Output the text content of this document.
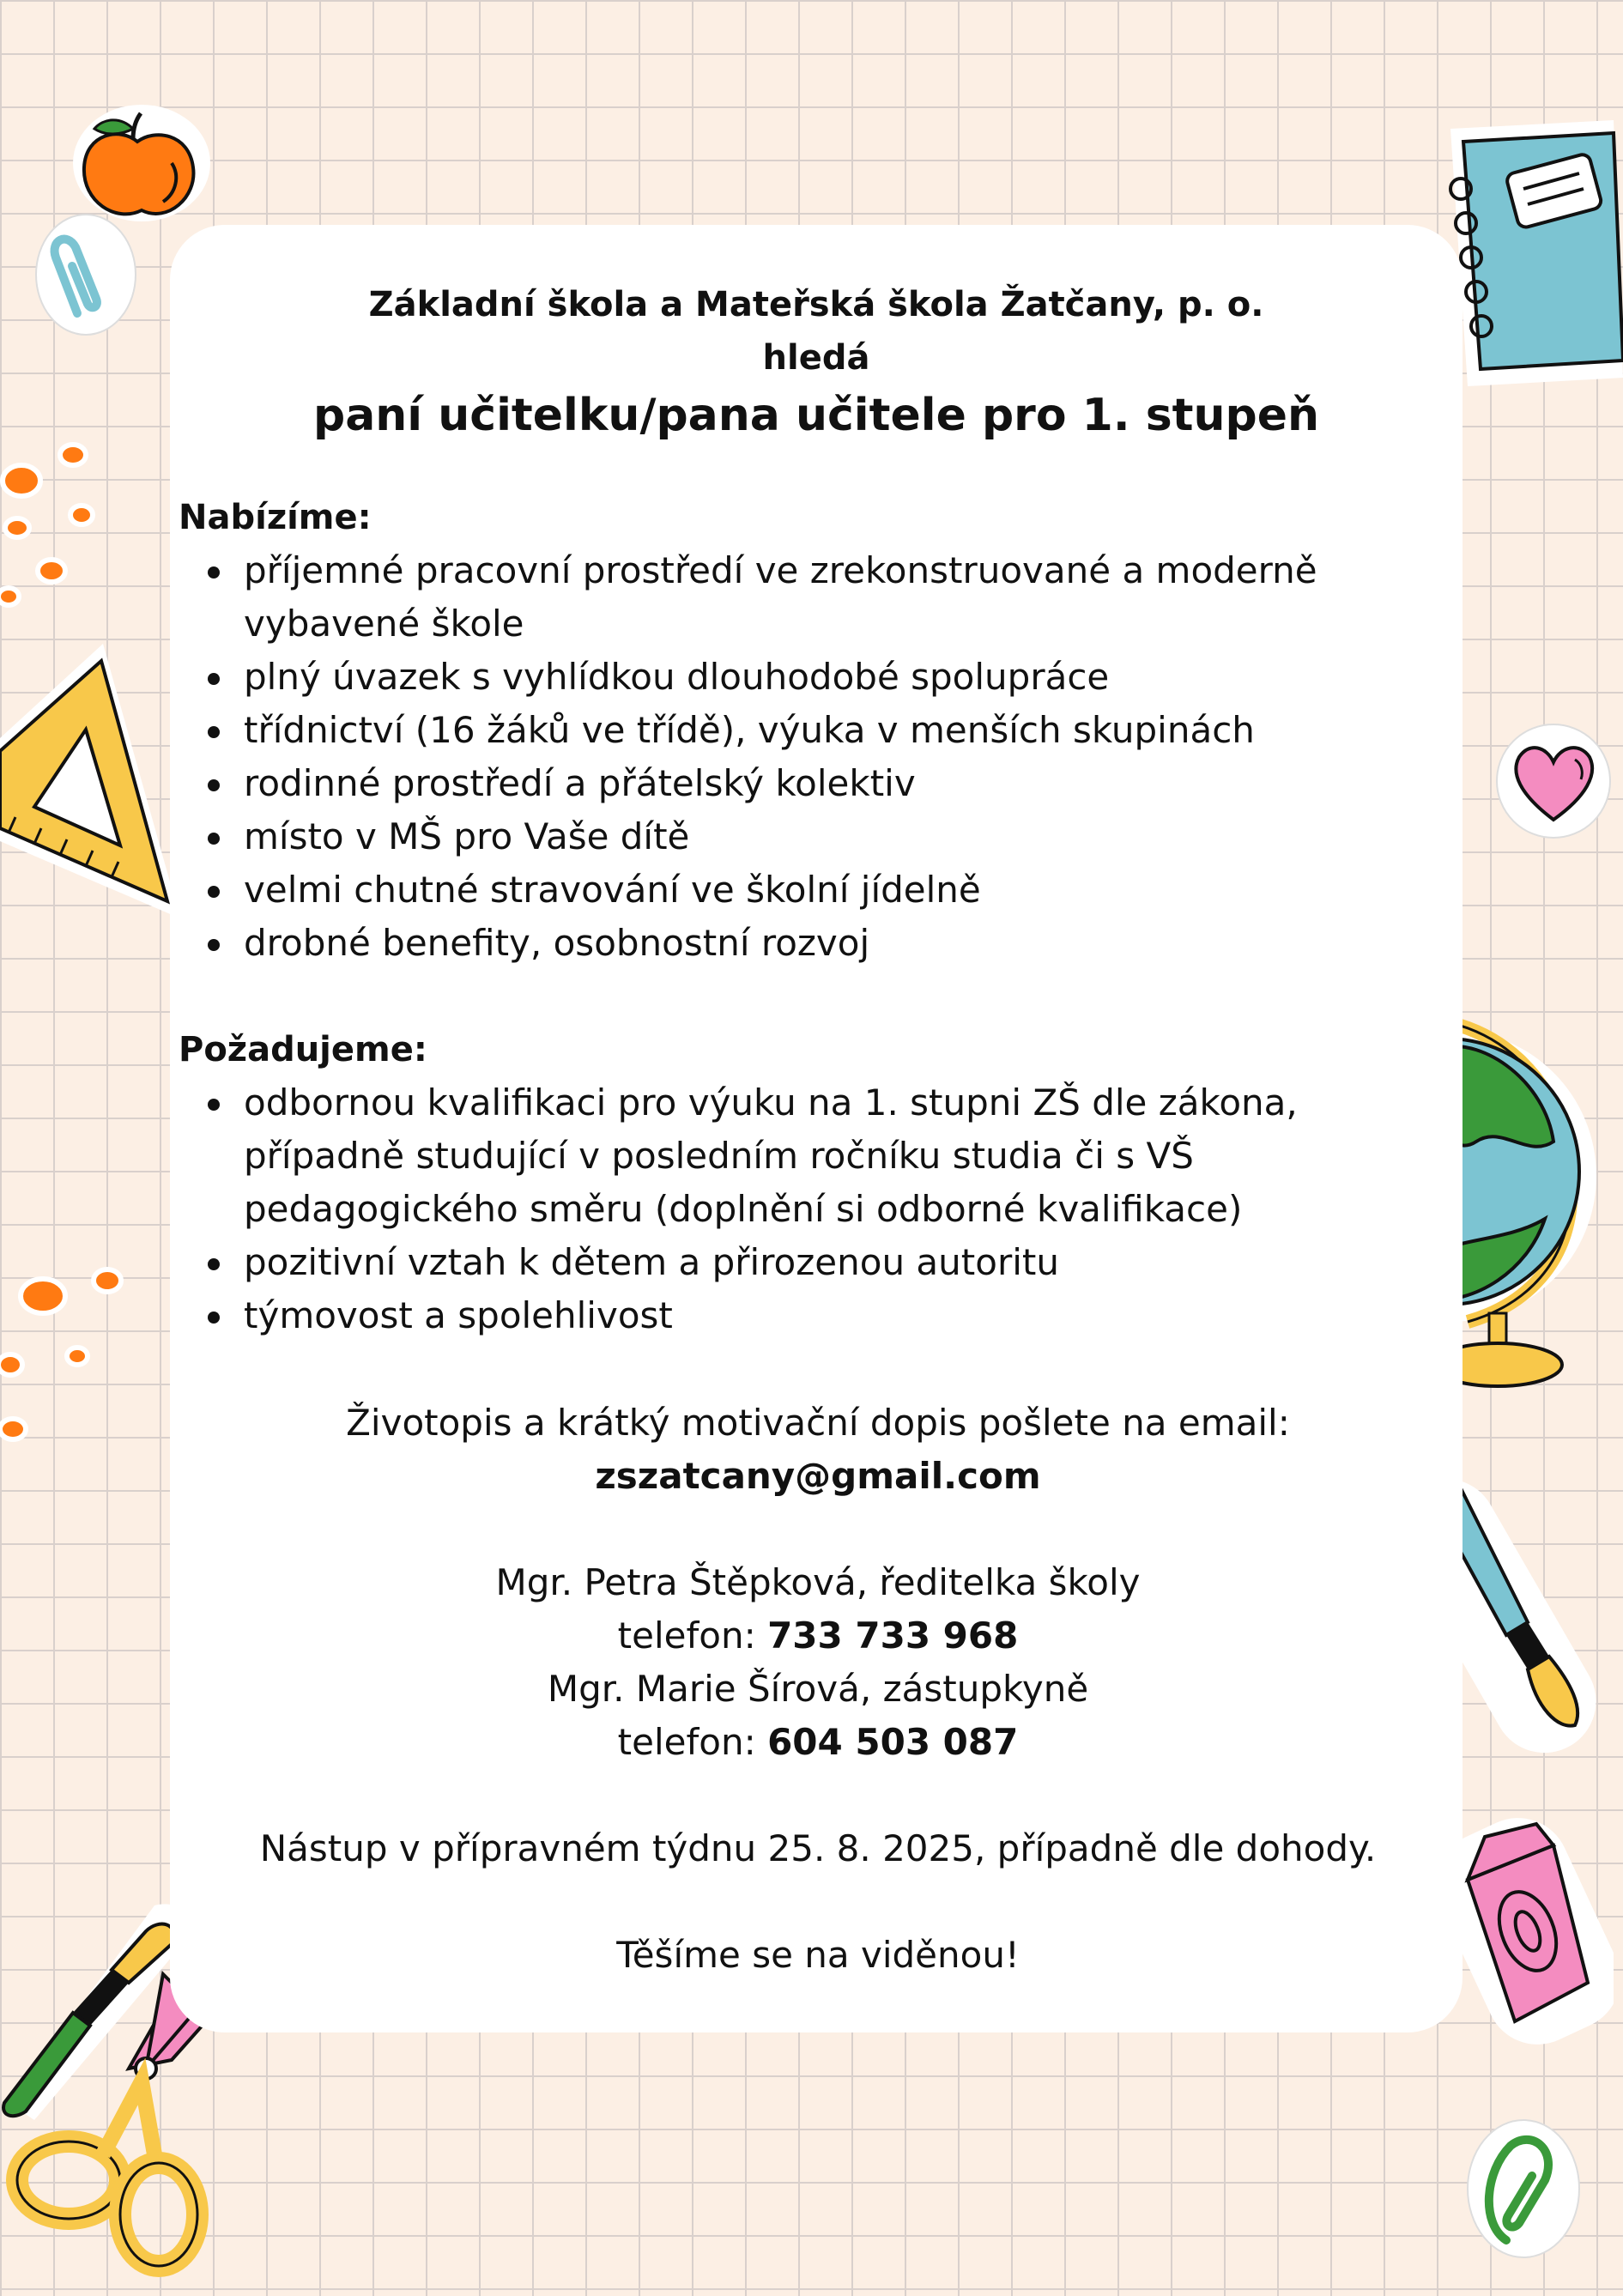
Základní škola a Mateřská škola Žatčany, p. o.

hledá

paní učitelku/pana učitele pro 1. stupeň

Nabízíme:

příjemné pracovní prostředí ve zrekonstruované a moderně vybavené škole
plný úvazek s vyhlídkou dlouhodobé spolupráce
třídnictví (16 žáků ve třídě), výuka v menších skupinách
rodinné prostředí a přátelský kolektiv
místo v MŠ pro Vaše dítě
velmi chutné stravování ve školní jídelně
drobné benefity, osobnostní rozvoj

Požadujeme:

odbornou kvalifikaci pro výuku na 1. stupni ZŠ dle zákona, případně studující v posledním ročníku studia či s VŠ pedagogického směru (doplnění si odborné kvalifikace)
pozitivní vztah k dětem a přirozenou autoritu
týmovost a spolehlivost

Životopis a krátký motivační dopis pošlete na email:

zszatcany@gmail.com

Mgr. Petra Štěpková, ředitelka školy

telefon: 733 733 968

Mgr. Marie Šírová, zástupkyně

telefon: 604 503 087

Nástup v přípravném týdnu 25. 8. 2025, případně dle dohody.

Těšíme se na viděnou!
